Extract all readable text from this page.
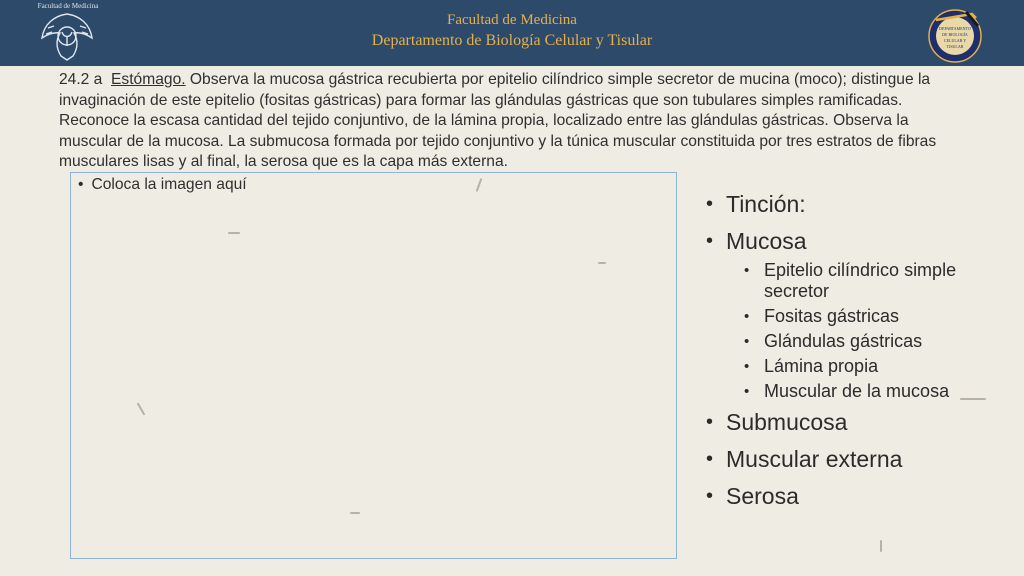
Facultad de Medicina
Facultad de Medicina
Departamento de Biología Celular y Tisular
DEPARTAMENTO
DE BIOLOGÍA
CELULAR Y
TISULAR
24.2 a Estómago. Observa la mucosa gástrica recubierta por epitelio cilíndrico simple secretor de mucina (moco); distingue la invaginación de este epitelio (fositas gástricas) para formar las glándulas gástricas que son tubulares simples ramificadas. Reconoce la escasa cantidad del tejido conjuntivo, de la lámina propia, localizado entre las glándulas gástricas. Observa la muscular de la mucosa. La submucosa formada por tejido conjuntivo y la túnica muscular constituida por tres estratos de fibras musculares lisas y al final, la serosa que es la capa más externa.
• Coloca la imagen aquí
• Tinción:
• Mucosa
• Epitelio cilíndrico simple secretor
• Fositas gástricas
• Glándulas gástricas
• Lámina propia
• Muscular de la mucosa
• Submucosa
• Muscular externa
• Serosa
